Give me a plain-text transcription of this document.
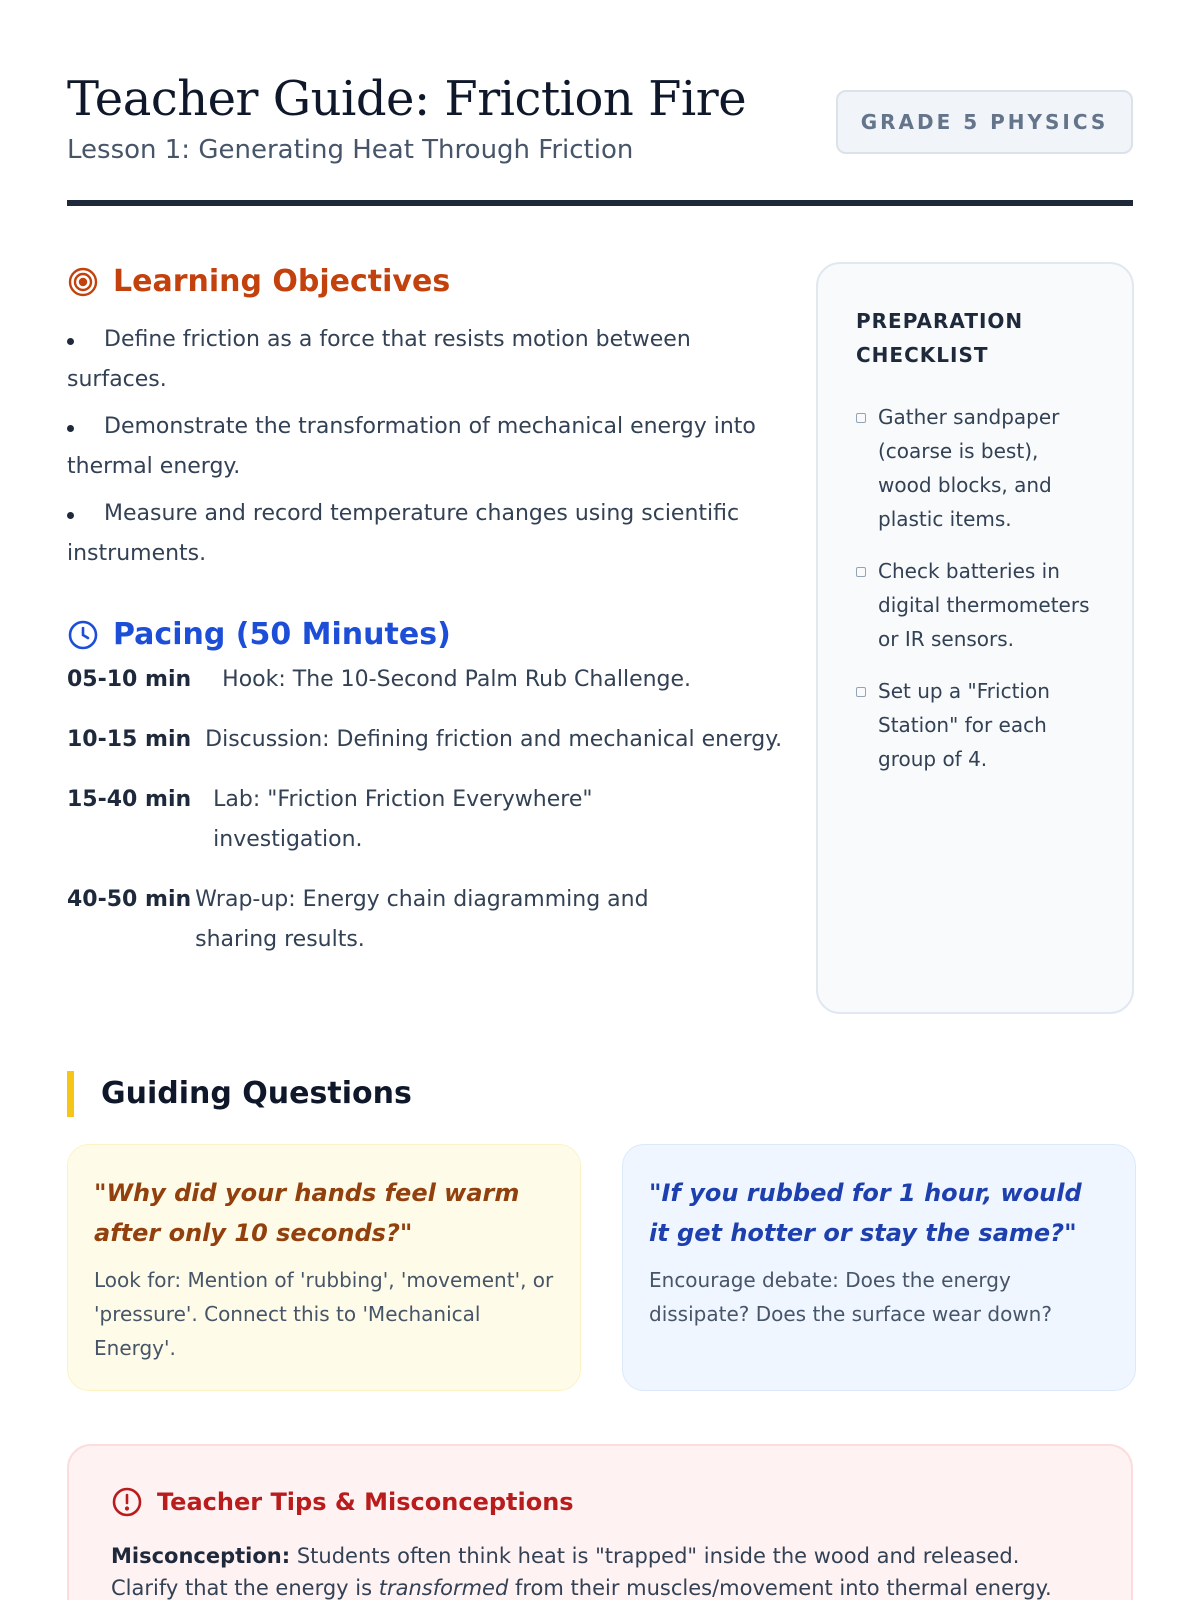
Teacher Guide: Friction Fire
Lesson 1: Generating Heat Through Friction
GRADE 5 PHYSICS
Learning Objectives
Define friction as a force that resists motion between surfaces.
Demonstrate the transformation of mechanical energy into thermal energy.
Measure and record temperature changes using scientific instruments.
Pacing (50 Minutes)
05-10 min	Hook: The 10-Second Palm Rub Challenge.
10-15 min Discussion: Defining friction and mechanical energy.
15-40 min	Lab: "Friction Friction Everywhere" investigation.
40-50 min Wrap-up: Energy chain diagramming and sharing results.
PREPARATION CHECKLIST
Gather sandpaper (coarse is best), wood blocks, and plastic items.
Check batteries in digital thermometers or IR sensors.
Set up a "Friction Station" for each group of 4.
Guiding Questions
"Why did your hands feel warm after only 10 seconds?"
Look for: Mention of 'rubbing', 'movement', or 'pressure'. Connect this to 'Mechanical Energy'.
"If you rubbed for 1 hour, would it get hotter or stay the same?"
Encourage debate: Does the energy dissipate? Does the surface wear down?
Teacher Tips & Misconceptions

Misconception: Students often think heat is "trapped" inside the wood and released. Clarify that the energy is transformed from their muscles/movement into thermal energy.
